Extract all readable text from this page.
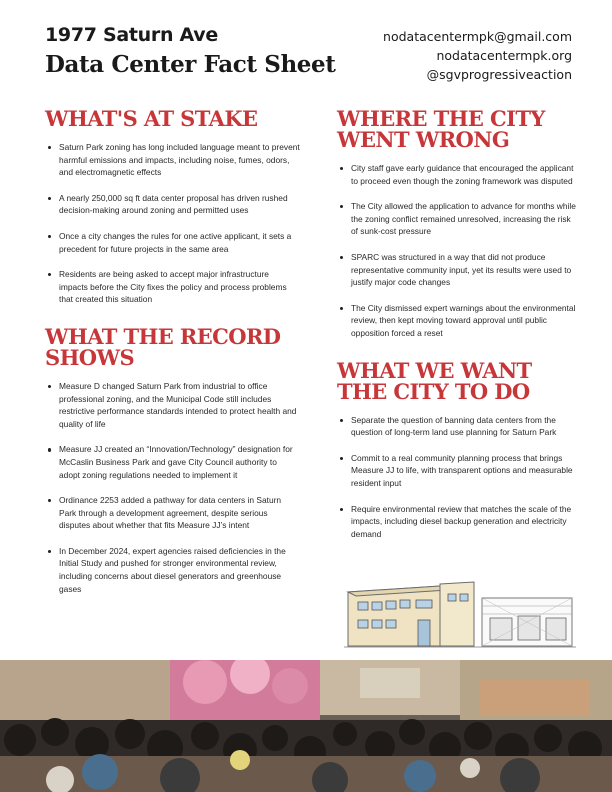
1977 Saturn Ave
Data Center Fact Sheet
nodatacentermpk@gmail.com
nodatacentermpk.org
@sgvprogressiveaction
WHAT'S AT STAKE
Saturn Park zoning has long included language meant to prevent harmful emissions and impacts, including noise, fumes, odors, and electromagnetic effects
A nearly 250,000 sq ft data center proposal has driven rushed decision-making around zoning and permitted uses
Once a city changes the rules for one active applicant, it sets a precedent for future projects in the same area
Residents are being asked to accept major infrastructure impacts before the City fixes the policy and process problems that created this situation
WHAT THE RECORD SHOWS
Measure D changed Saturn Park from industrial to office professional zoning, and the Municipal Code still includes restrictive performance standards intended to protect health and quality of life
Measure JJ created an “Innovation/Technology” designation for McCaslin Business Park and gave City Council authority to adopt zoning regulations needed to implement it
Ordinance 2253 added a pathway for data centers in Saturn Park through a development agreement, despite serious disputes about whether that fits Measure JJ’s intent
In December 2024, expert agencies raised deficiencies in the Initial Study and pushed for stronger environmental review, including concerns about diesel generators and greenhouse gases
WHERE THE CITY WENT WRONG
City staff gave early guidance that encouraged the applicant to proceed even though the zoning framework was disputed
The City allowed the application to advance for months while the zoning conflict remained unresolved, increasing the risk of sunk-cost pressure
SPARC was structured in a way that did not produce representative community input, yet its results were used to justify major code changes
The City dismissed expert warnings about the environmental review, then kept moving toward approval until public opposition forced a reset
WHAT WE WANT THE CITY TO DO
Separate the question of banning data centers from the question of long-term land use planning for Saturn Park
Commit to a real community planning process that brings Measure JJ to life, with transparent options and measurable resident input
Require environmental review that matches the scale of the impacts, including diesel backup generation and electricity demand
